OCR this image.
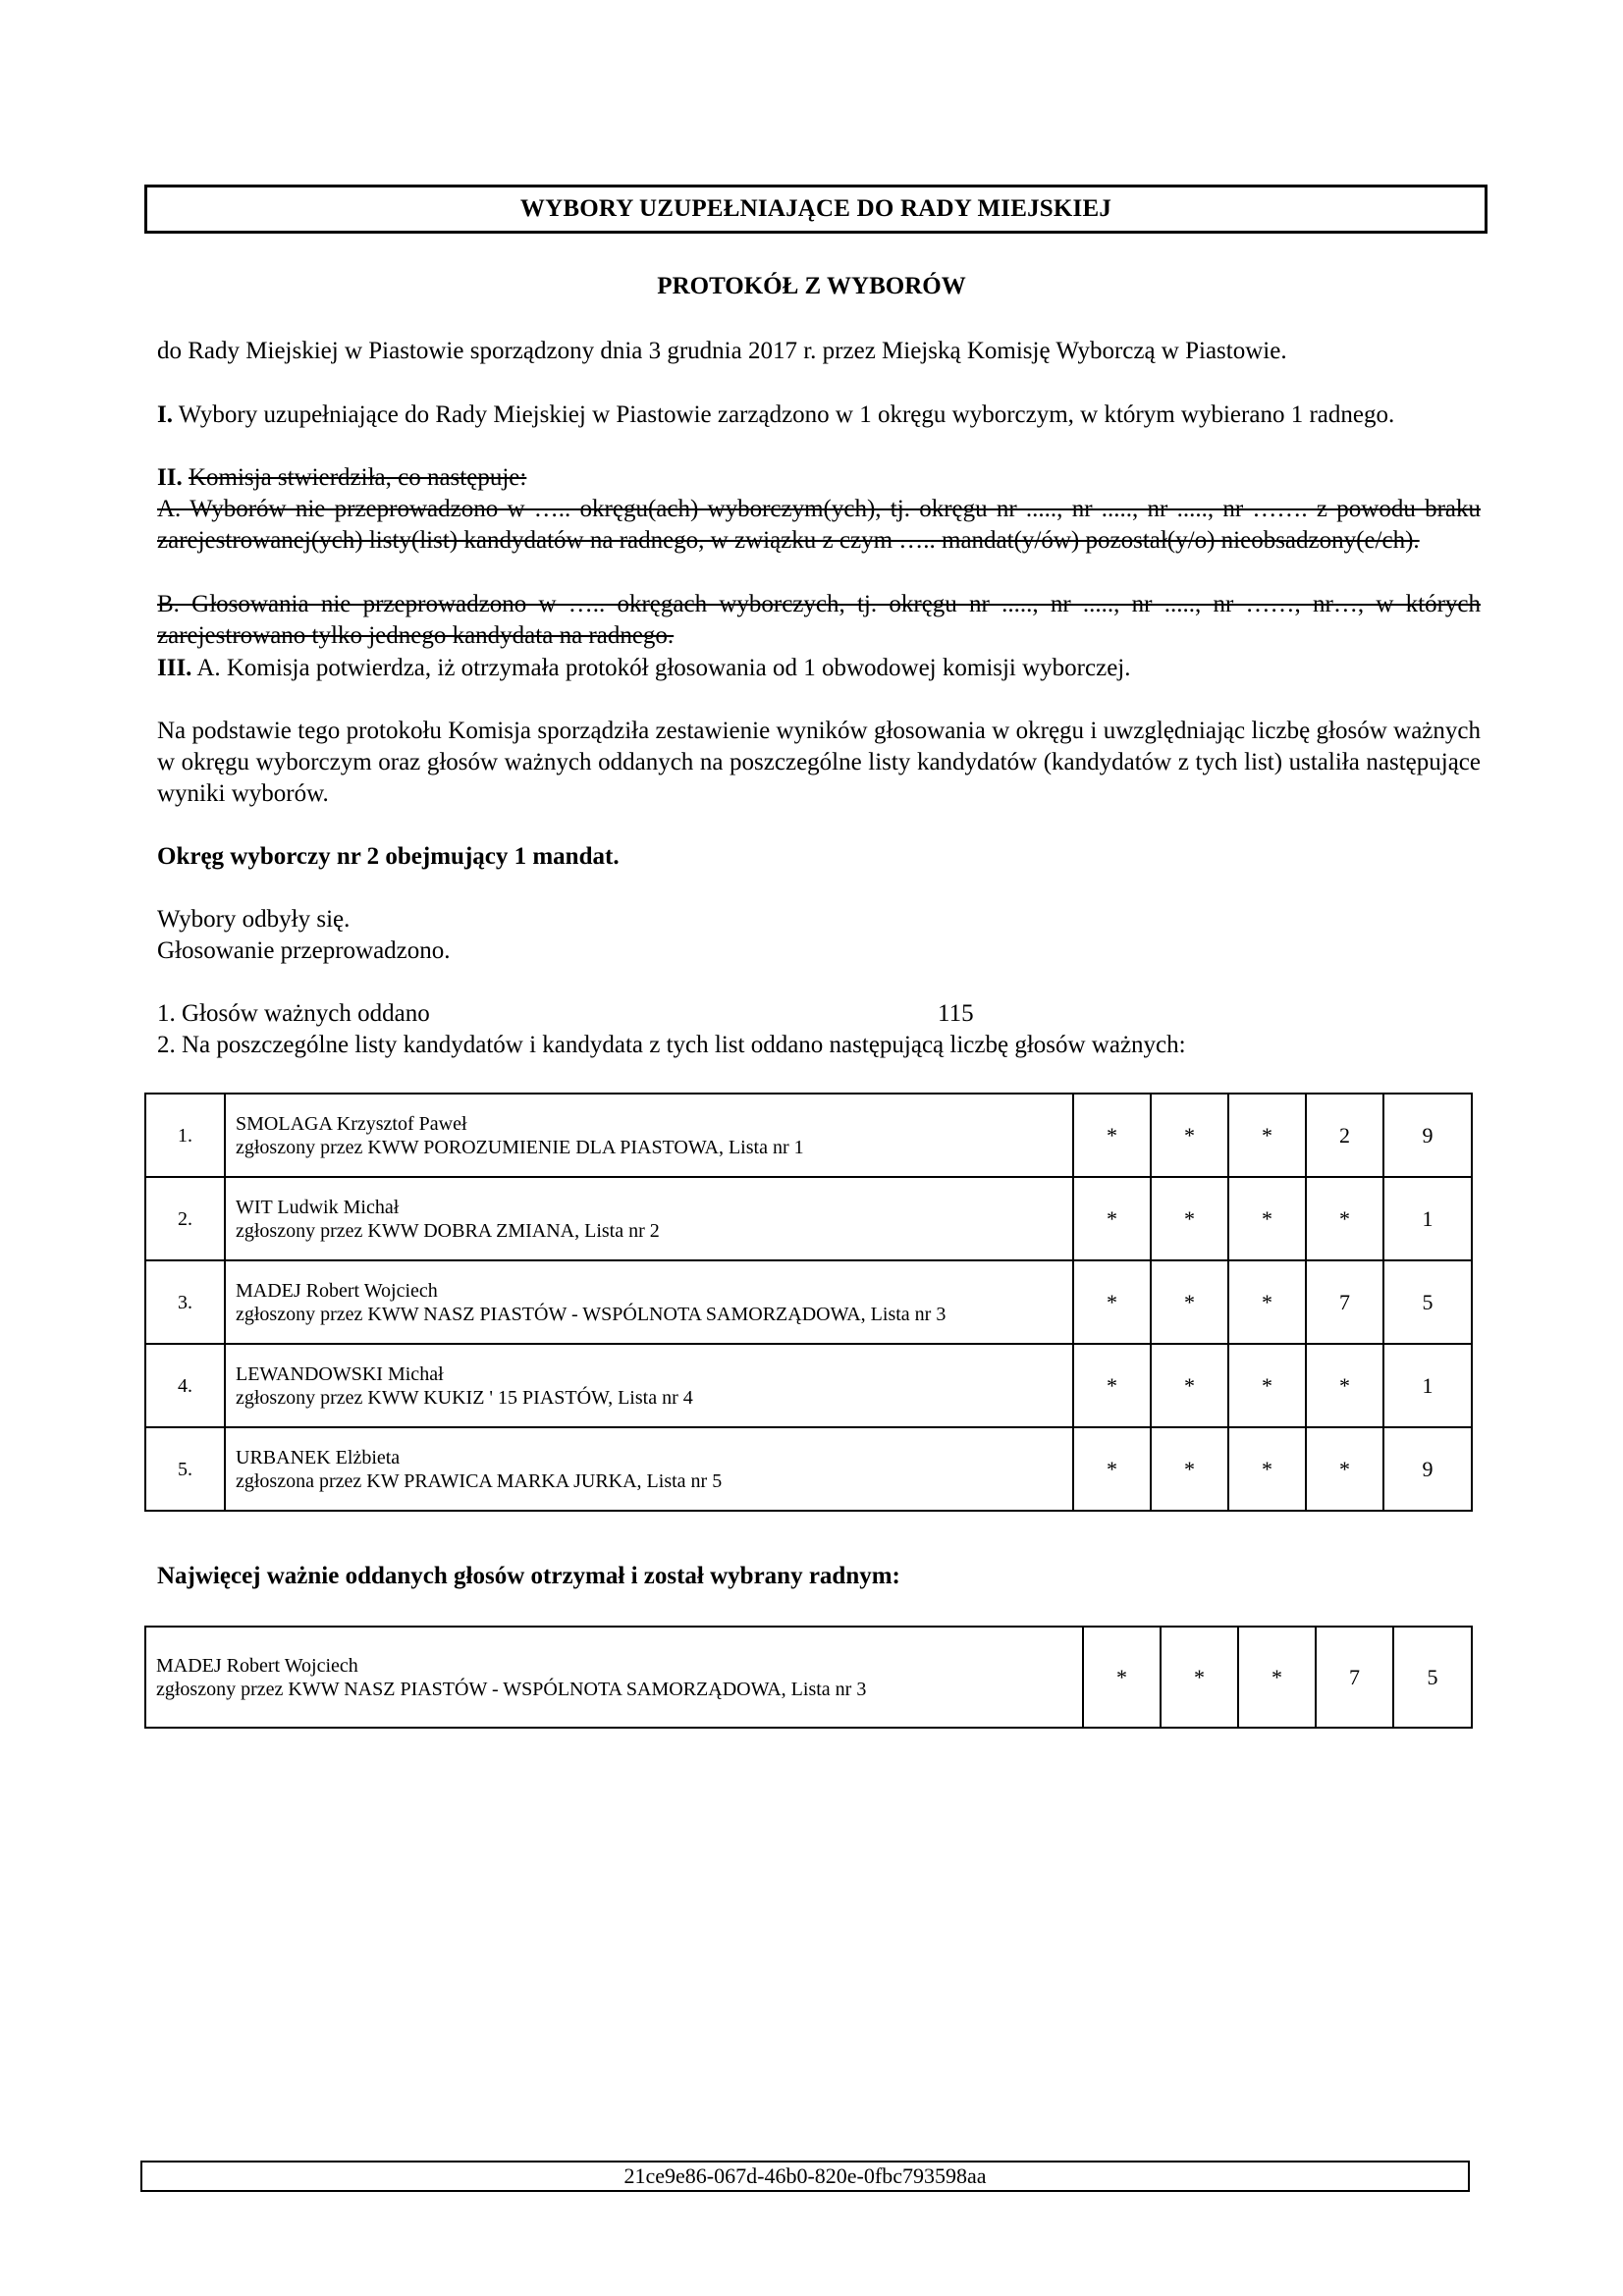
WYBORY UZUPEŁNIAJĄCE DO RADY MIEJSKIEJ
PROTOKÓŁ Z WYBORÓW

do Rady Miejskiej w Piastowie sporządzony dnia 3 grudnia 2017 r. przez Miejską Komisję Wyborczą w Piastowie.

I. Wybory uzupełniające do Rady Miejskiej w Piastowie zarządzono w 1 okręgu wyborczym, w którym wybierano 1 radnego.

II. Komisja stwierdziła, co następuje:

A. Wyborów nie przeprowadzono w ….. okręgu(ach) wyborczym(ych), tj. okręgu nr ....., nr ....., nr ....., nr ……. z powodu braku zarejestrowanej(ych) listy(list) kandydatów na radnego, w związku z czym ….. mandat(y/ów) pozostał(y/o) nieobsadzony(e/ch).

B. Głosowania nie przeprowadzono w ….. okręgach wyborczych, tj. okręgu nr ....., nr ....., nr ....., nr ……, nr…, w których zarejestrowano tylko jednego kandydata na radnego.

III. A. Komisja potwierdza, iż otrzymała protokół głosowania od 1 obwodowej komisji wyborczej.

Na podstawie tego protokołu Komisja sporządziła zestawienie wyników głosowania w okręgu i uwzględniając liczbę głosów ważnych w okręgu wyborczym oraz głosów ważnych oddanych na poszczególne listy kandydatów (kandydatów z tych list) ustaliła następujące wyniki wyborów.

Okręg wyborczy nr 2 obejmujący 1 mandat.
Wybory odbyły się.
Głosowanie przeprowadzono.
1. Głosów ważnych oddano	115
2. Na poszczególne listy kandydatów i kandydata z tych list oddano następującą liczbę głosów ważnych:
1.	SMOLAGA Krzysztof Paweł
zgłoszony przez KWW POROZUMIENIE DLA PIASTOWA, Lista nr 1	*	*	*	2	9
2.	WIT Ludwik Michał
zgłoszony przez KWW DOBRA ZMIANA, Lista nr 2	*	*	*	*	1
3.	MADEJ Robert Wojciech
zgłoszony przez KWW NASZ PIASTÓW - WSPÓLNOTA SAMORZĄDOWA, Lista nr 3	*	*	*	7	5
4.	LEWANDOWSKI Michał
zgłoszony przez KWW KUKIZ ' 15 PIASTÓW, Lista nr 4	*	*	*	*	1
5.	URBANEK Elżbieta
zgłoszona przez KW PRAWICA MARKA JURKA, Lista nr 5	*	*	*	*	9
Najwięcej ważnie oddanych głosów otrzymał i został wybrany radnym:
MADEJ Robert Wojciech
zgłoszony przez KWW NASZ PIASTÓW - WSPÓLNOTA SAMORZĄDOWA, Lista nr 3	*	*	*	7	5
21ce9e86-067d-46b0-820e-0fbc793598aa
